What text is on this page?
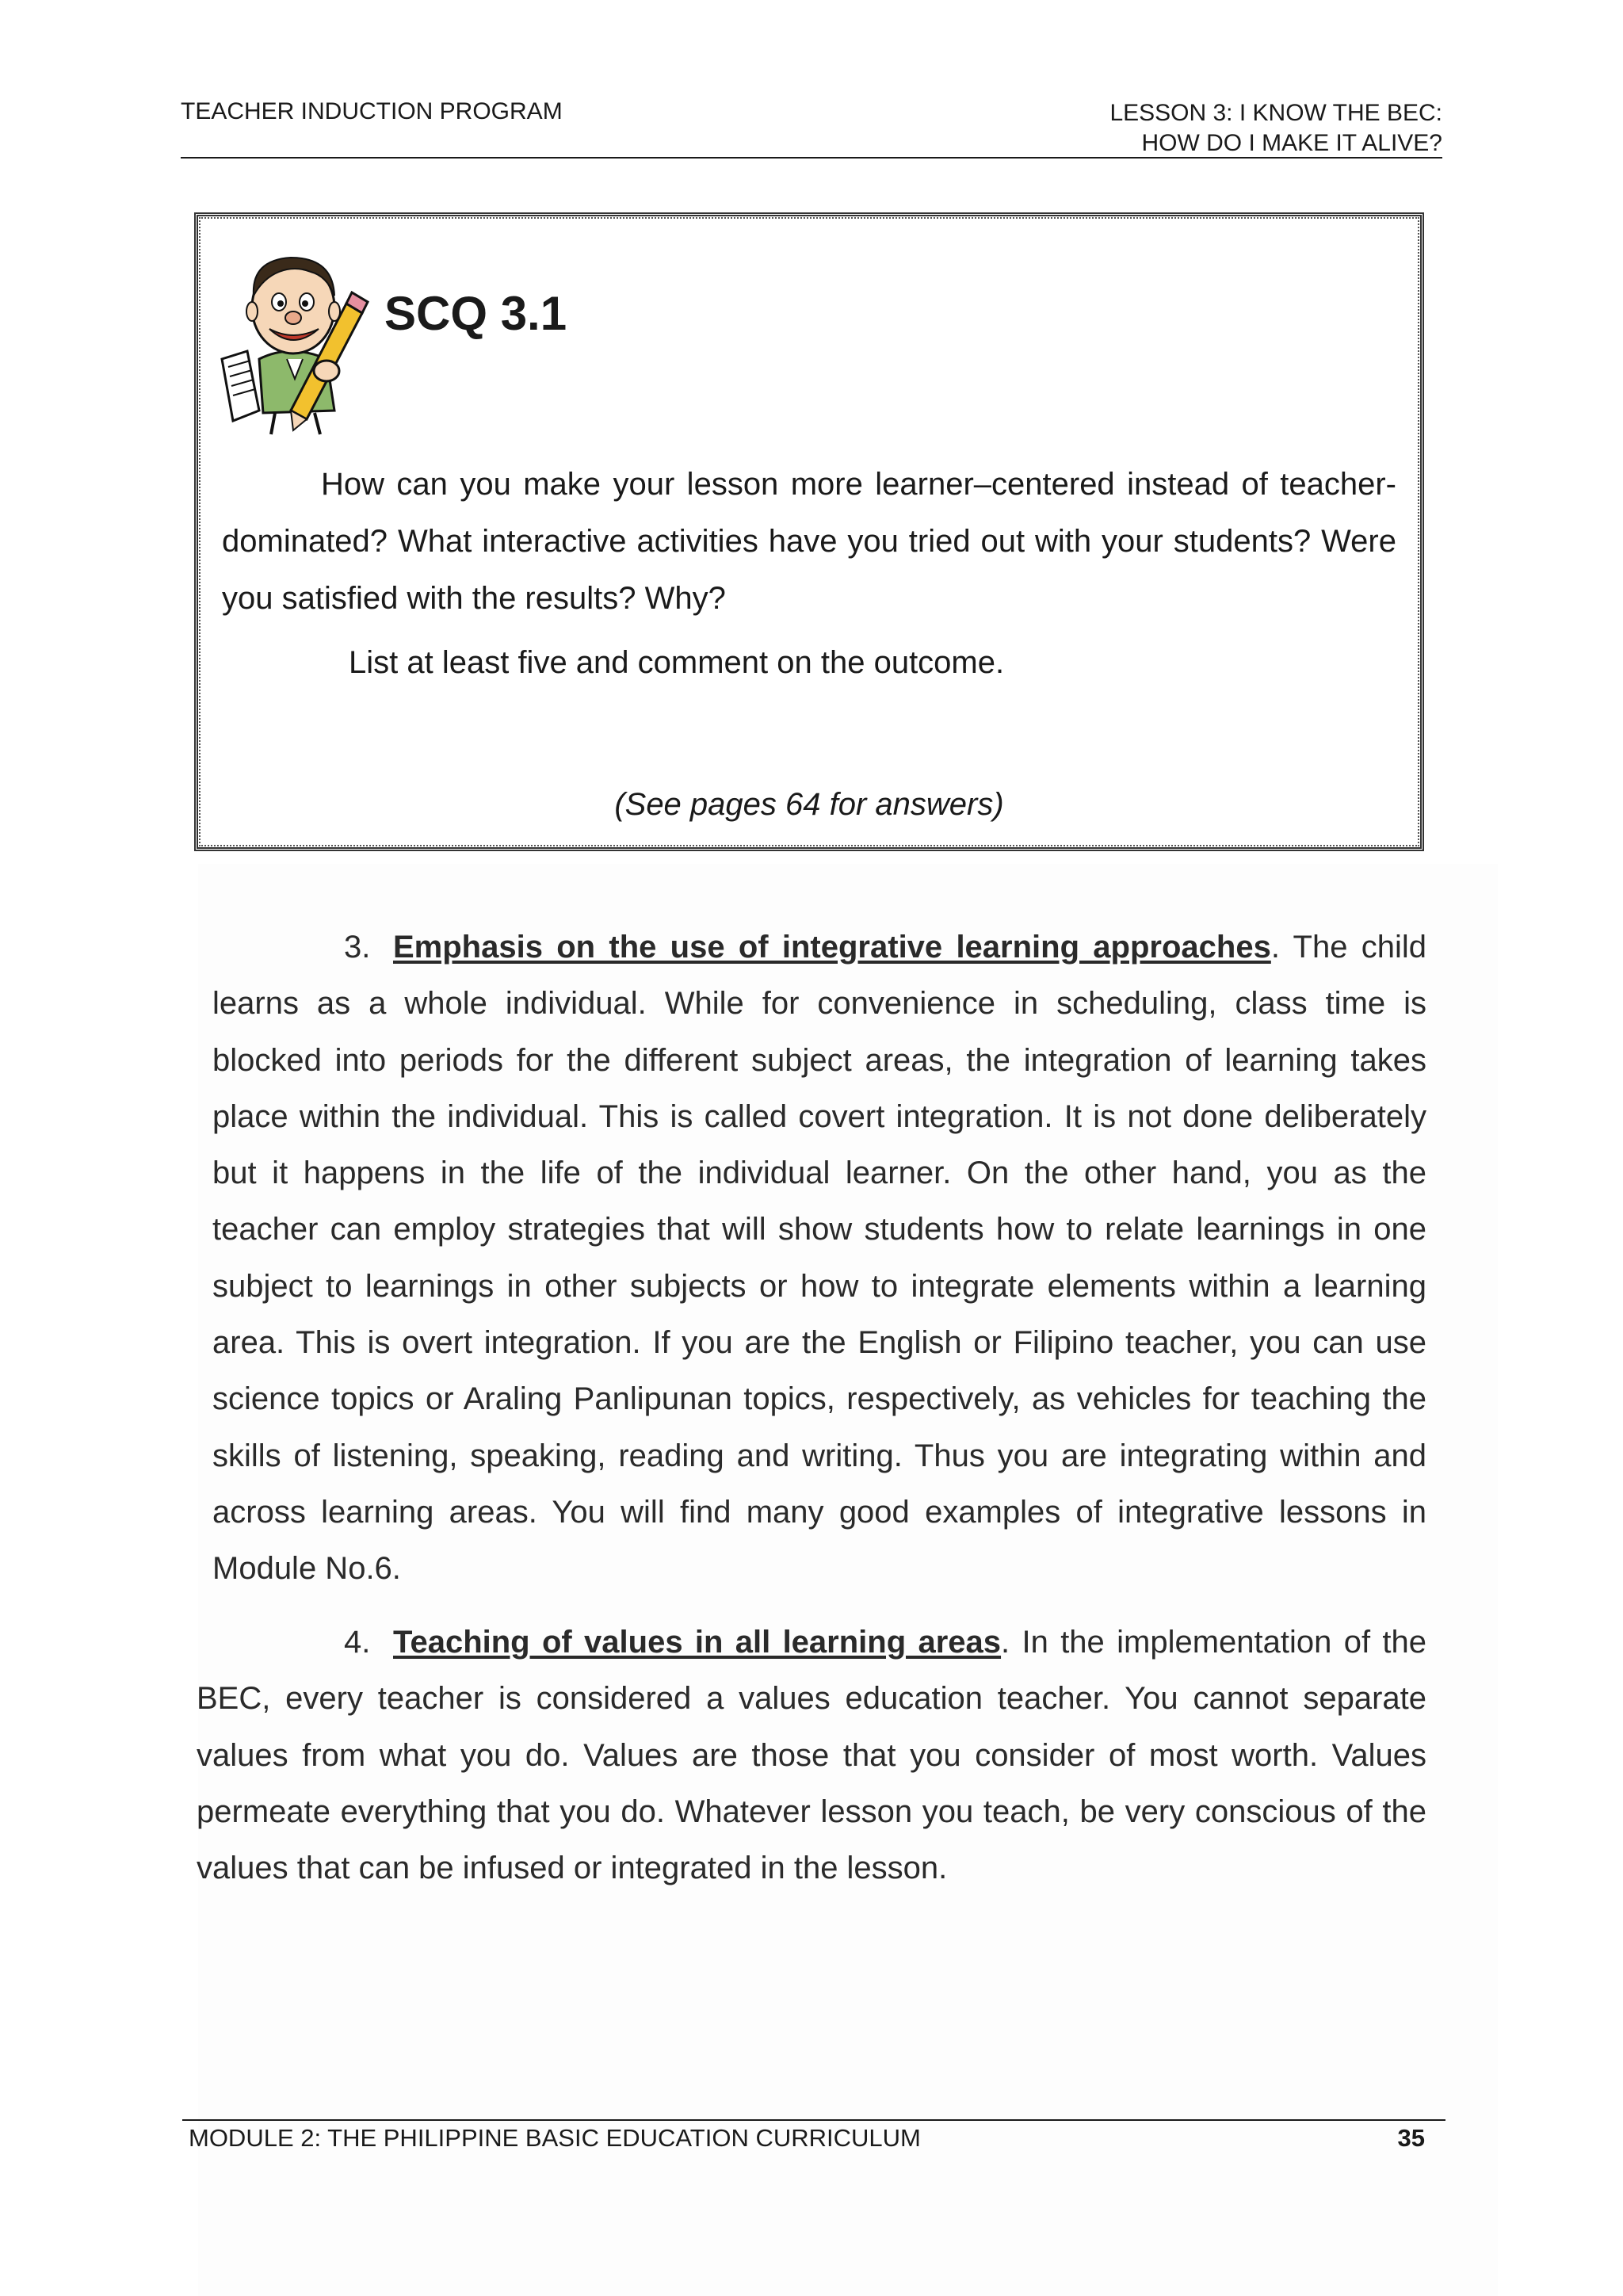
TEACHER INDUCTION PROGRAM	LESSON 3: I KNOW THE BEC:
HOW DO I MAKE IT ALIVE?
SCQ 3.1

How can you make your lesson more learner–centered instead of teacher-dominated? What interactive activities have you tried out with your students? Were you satisfied with the results? Why?

List at least five and comment on the outcome.

(See pages 64 for answers)

3. Emphasis on the use of integrative learning approaches. The child learns as a whole individual. While for convenience in scheduling, class time is blocked into periods for the different subject areas, the integration of learning takes place within the individual. This is called covert integration. It is not done deliberately but it happens in the life of the individual learner. On the other hand, you as the teacher can employ strategies that will show students how to relate learnings in one subject to learnings in other subjects or how to integrate elements within a learning area. This is overt integration. If you are the English or Filipino teacher, you can use science topics or Araling Panlipunan topics, respectively, as vehicles for teaching the skills of listening, speaking, reading and writing. Thus you are integrating within and across learning areas. You will find many good examples of integrative lessons in Module No.6.

4. Teaching of values in all learning areas. In the implementation of the BEC, every teacher is considered a values education teacher. You cannot separate values from what you do. Values are those that you consider of most worth. Values permeate everything that you do. Whatever lesson you teach, be very conscious of the values that can be infused or integrated in the lesson.

MODULE 2: THE PHILIPPINE BASIC EDUCATION CURRICULUM	35
